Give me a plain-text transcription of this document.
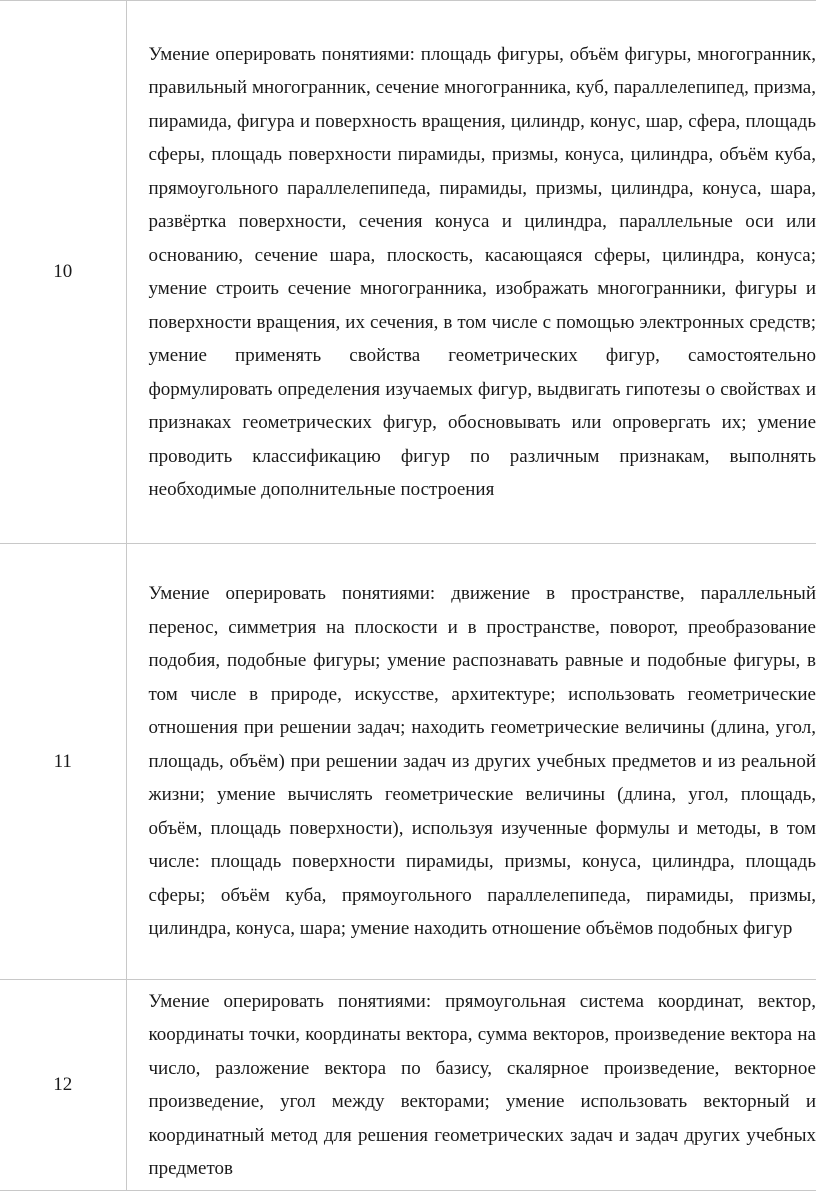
10	Умение оперировать понятиями: площадь фигуры, объём фигуры, многогранник, правильный многогранник, сечение многогранника, куб, параллелепипед, призма, пирамида, фигура и поверхность вращения, цилиндр, конус, шар, сфера, площадь сферы, площадь поверхности пирамиды, призмы, конуса, цилиндра, объём куба, прямоугольного параллелепипеда, пирамиды, призмы, цилиндра, конуса, шара, развёртка поверхности, сечения конуса и цилиндра, параллельные оси или основанию, сечение шара, плоскость, касающаяся сферы, цилиндра, конуса; умение строить сечение многогранника, изображать многогранники, фигуры и поверхности вращения, их сечения, в том числе с помощью электронных средств; умение применять свойства геометрических фигур, самостоятельно формулировать определения изучаемых фигур, выдвигать гипотезы о свойствах и признаках геометрических фигур, обосновывать или опровергать их; умение проводить классификацию фигур по различным признакам, выполнять необходимые дополнительные построения

11	Умение оперировать понятиями: движение в пространстве, параллельный перенос, симметрия на плоскости и в пространстве, поворот, преобразование подобия, подобные фигуры; умение распознавать равные и подобные фигуры, в том числе в природе, искусстве, архитектуре; использовать геометрические отношения при решении задач; находить геометрические величины (длина, угол, площадь, объём) при решении задач из других учебных предметов и из реальной жизни; умение вычислять геометрические величины (длина, угол, площадь, объём, площадь поверхности), используя изученные формулы и методы, в том числе: площадь поверхности пирамиды, призмы, конуса, цилиндра, площадь сферы; объём куба, прямоугольного параллелепипеда, пирамиды, призмы, цилиндра, конуса, шара; умение находить отношение объёмов подобных фигур

12	Умение оперировать понятиями: прямоугольная система координат, вектор, координаты точки, координаты вектора, сумма векторов, произведение вектора на число, разложение вектора по базису, скалярное произведение, векторное произведение, угол между векторами; умение использовать векторный и координатный метод для решения геометрических задач и задач других учебных предметов
